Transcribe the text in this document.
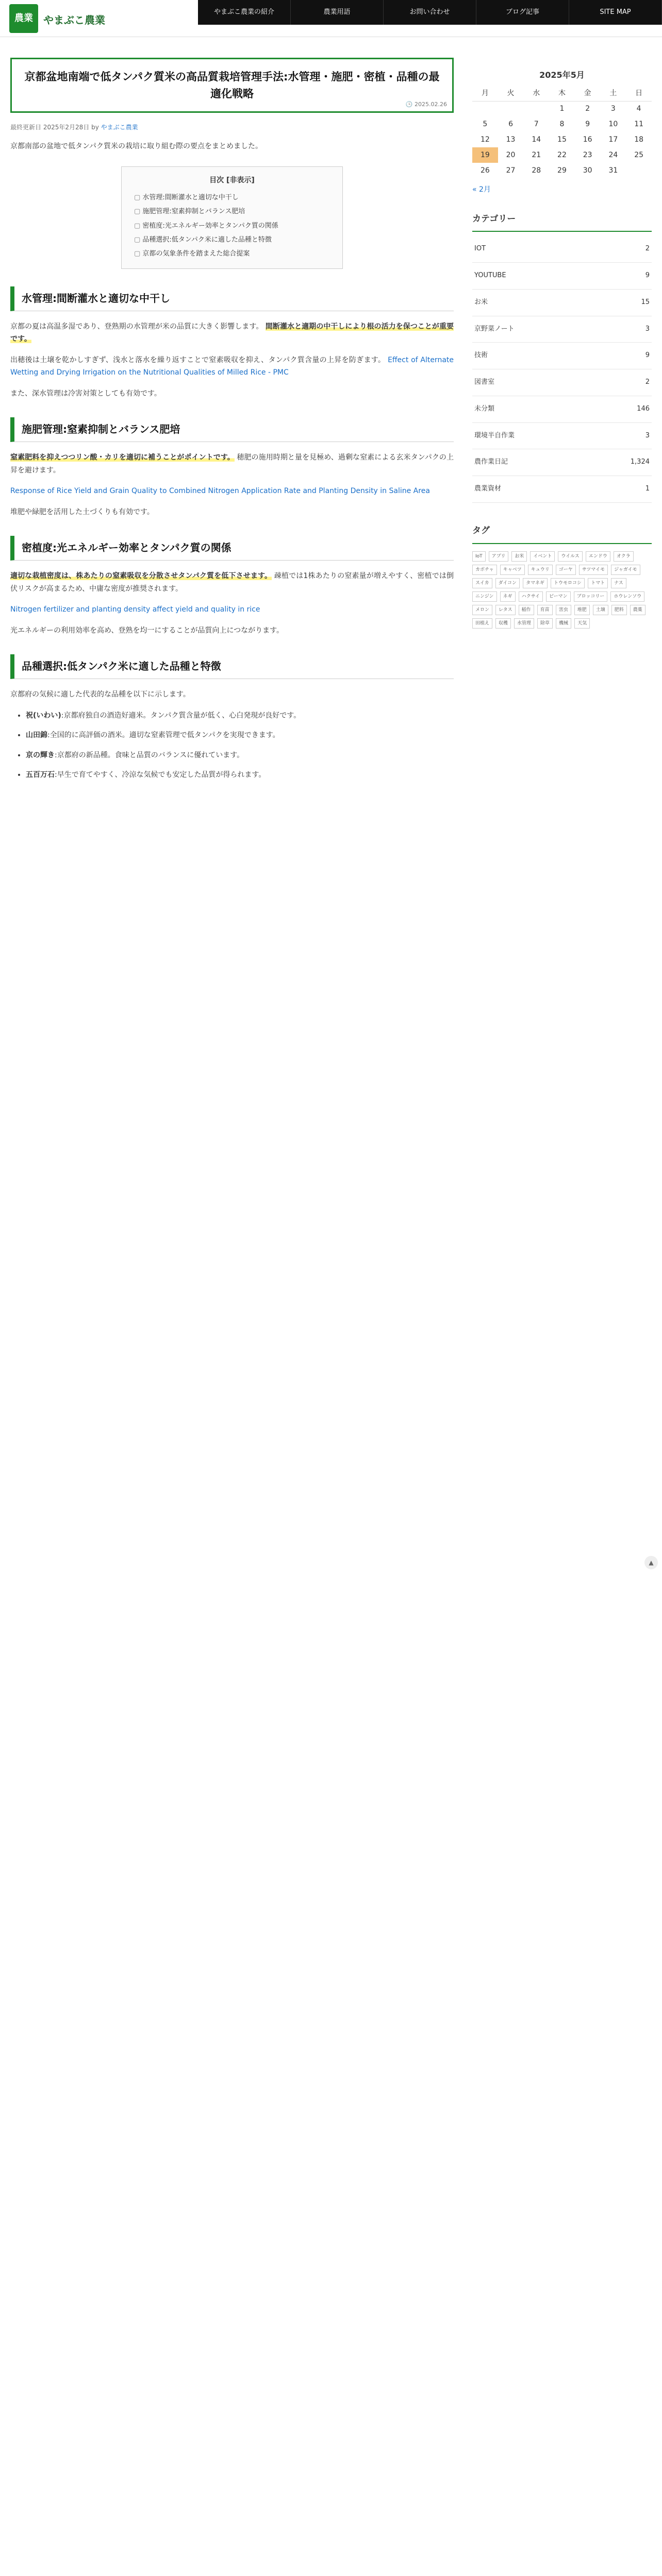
農業	やまぶこ農業
やまぶこ農業の紹介	農業用語	お問い合わせ	ブログ記事	SITE MAP
京都盆地南端で低タンパク質米の高品質栽培管理手法:水管理・施肥・密植・品種の最適化戦略
🕒 2025.02.26
最終更新日 2025年2月28日 by やまぶこ農業

京都南部の盆地で低タンパク質米の栽培に取り組む際の要点をまとめました。

目次 [非表示]
▢ 水管理:間断灌水と適切な中干し
▢ 施肥管理:窒素抑制とバランス肥培
▢ 密植度:光エネルギー効率とタンパク質の関係
▢ 品種選択:低タンパク米に適した品種と特徴
▢ 京都の気象条件を踏まえた総合提案
水管理:間断灌水と適切な中干し

京都の夏は高温多湿であり、登熟期の水管理が米の品質に大きく影響します。 間断灌水と適期の中干しにより根の活力を保つことが重要です。

出穂後は土壌を乾かしすぎず、浅水と落水を繰り返すことで窒素吸収を抑え、タンパク質含量の上昇を防ぎます。 Effect of Alternate Wetting and Drying Irrigation on the Nutritional Qualities of Milled Rice - PMC

また、深水管理は冷害対策としても有効です。

施肥管理:窒素抑制とバランス肥培

窒素肥料を抑えつつリン酸・カリを適切に補うことがポイントです。 穂肥の施用時期と量を見極め、過剰な窒素による玄米タンパクの上昇を避けます。

Response of Rice Yield and Grain Quality to Combined Nitrogen Application Rate and Planting Density in Saline Area

堆肥や緑肥を活用した土づくりも有効です。

密植度:光エネルギー効率とタンパク質の関係

適切な栽植密度は、株あたりの窒素吸収を分散させタンパク質を低下させます。 疎植では1株あたりの窒素量が増えやすく、密植では倒伏リスクが高まるため、中庸な密度が推奨されます。

Nitrogen fertilizer and planting density affect yield and quality in rice

光エネルギーの利用効率を高め、登熟を均一にすることが品質向上につながります。

品種選択:低タンパク米に適した品種と特徴

京都府の気候に適した代表的な品種を以下に示します。

• 祝(いわい):京都府独自の酒造好適米。タンパク質含量が低く、心白発現が良好です。
• 山田錦:全国的に高評価の酒米。適切な窒素管理で低タンパクを実現できます。
• 京の輝き:京都府の新品種。食味と品質のバランスに優れています。
• 五百万石:早生で育てやすく、冷涼な気候でも安定した品質が得られます。
2025年5月
月	火	水	木	金	土	日
			1	2	3	4
5	6	7	8	9	10	11
12	13	14	15	16	17	18
19	20	21	22	23	24	25
26	27	28	29	30	31	
« 2月
カテゴリー
IOT	2
YOUTUBE	9
お米	15
京野菜ノート	3
技術	9
図書室	2
未分類	146
環境半自作業	3
農作業日記	1,324
農業資材	1
タグ
IoT	アプリ	お米	イベント	ウイルス	エンドウ	オクラ
カボチャ	キャベツ	キュウリ	ゴーヤ	サツマイモ	ジャガイモ
スイカ	ダイコン	タマネギ	トウモロコシ	トマト	ナス
ニンジン	ネギ	ハクサイ	ピーマン	ブロッコリー	ホウレンソウ
メロン	レタス	稲作	育苗	害虫	堆肥	土壌	肥料	農薬
田植え	収穫	水管理	除草	機械	天気
▲
